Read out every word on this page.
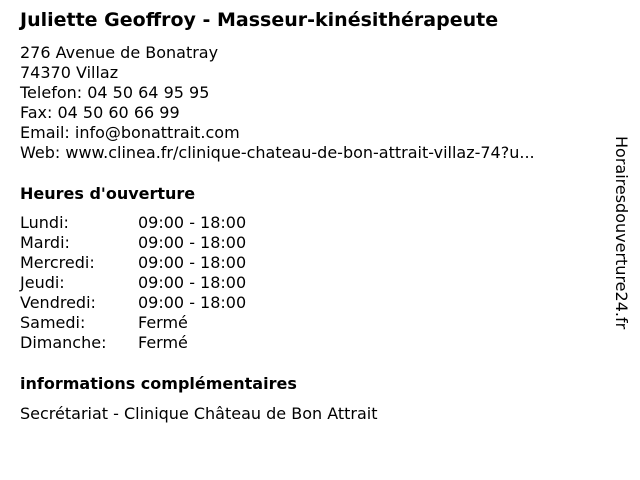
Juliette Geoffroy - Masseur-kinésithérapeute
276 Avenue de Bonatray
74370 Villaz
Telefon: 04 50 64 95 95
Fax: 04 50 60 66 99
Email: info@bonattrait.com
Web: www.clinea.fr/clinique-chateau-de-bon-attrait-villaz-74?u...
Heures d'ouverture
Lundi:	09:00 - 18:00
Mardi:	09:00 - 18:00
Mercredi:	09:00 - 18:00
Jeudi:	09:00 - 18:00
Vendredi:	09:00 - 18:00
Samedi:	Fermé
Dimanche:	Fermé
informations complémentaires
Secrétariat - Clinique Château de Bon Attrait
Horairesdouverture24.fr
